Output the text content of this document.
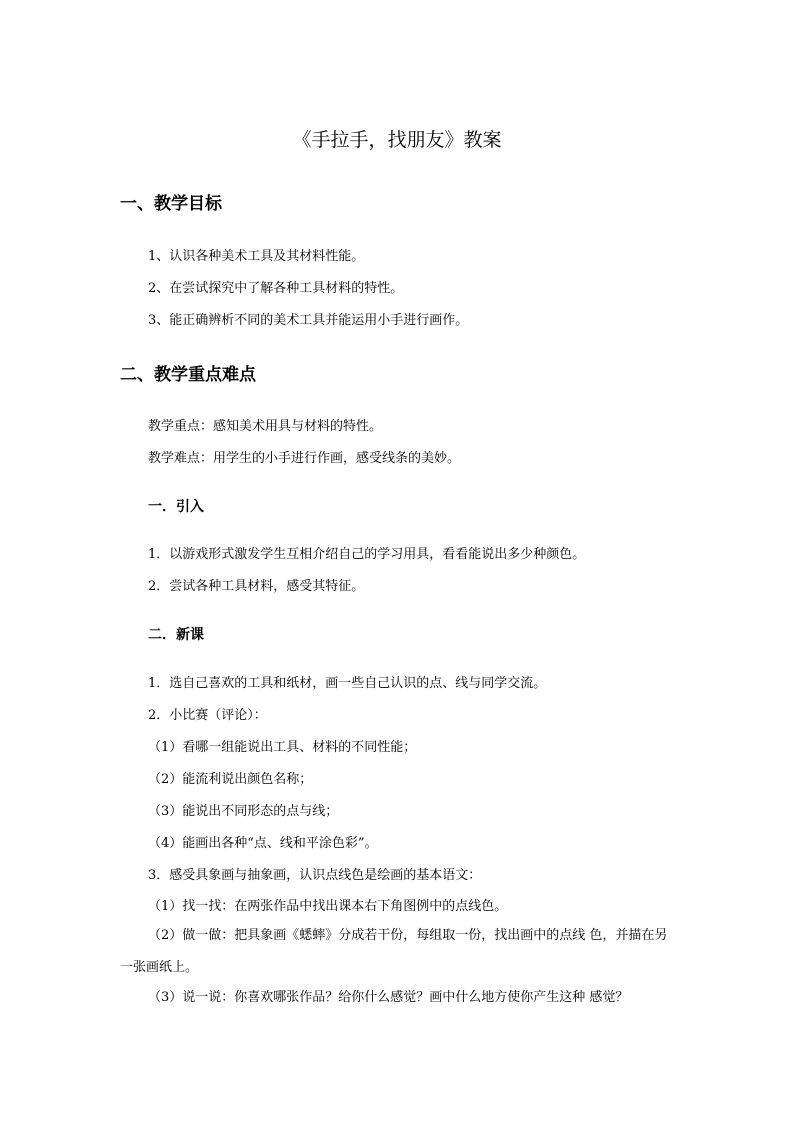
《手拉手，找朋友》教案
一、教学目标
1、认识各种美术工具及其材料性能。
2、在尝试探究中了解各种工具材料的特性。
3、能正确辨析不同的美术工具并能运用小手进行画作。
二、教学重点难点
教学重点：感知美术用具与材料的特性。
教学难点：用学生的小手进行作画，感受线条的美妙。
一．引入
1．以游戏形式激发学生互相介绍自己的学习用具，看看能说出多少种颜色。
2．尝试各种工具材料，感受其特征。
二．新课
1．选自己喜欢的工具和纸材，画一些自己认识的点、线与同学交流。
2．小比赛（评论）：
（1）看哪一组能说出工具、材料的不同性能；
（2）能流利说出颜色名称；
（3）能说出不同形态的点与线；
（4）能画出各种“点、线和平涂色彩”。
3．感受具象画与抽象画，认识点线色是绘画的基本语文：
（1）找一找：在两张作品中找出课本右下角图例中的点线色。
（2）做一做：把具象画《蟋蟀》分成若干份，每组取一份，找出画中的点线 色，并描在另一张画纸上。
（3）说一说：你喜欢哪张作品？给你什么感觉？画中什么地方使你产生这种 感觉？
